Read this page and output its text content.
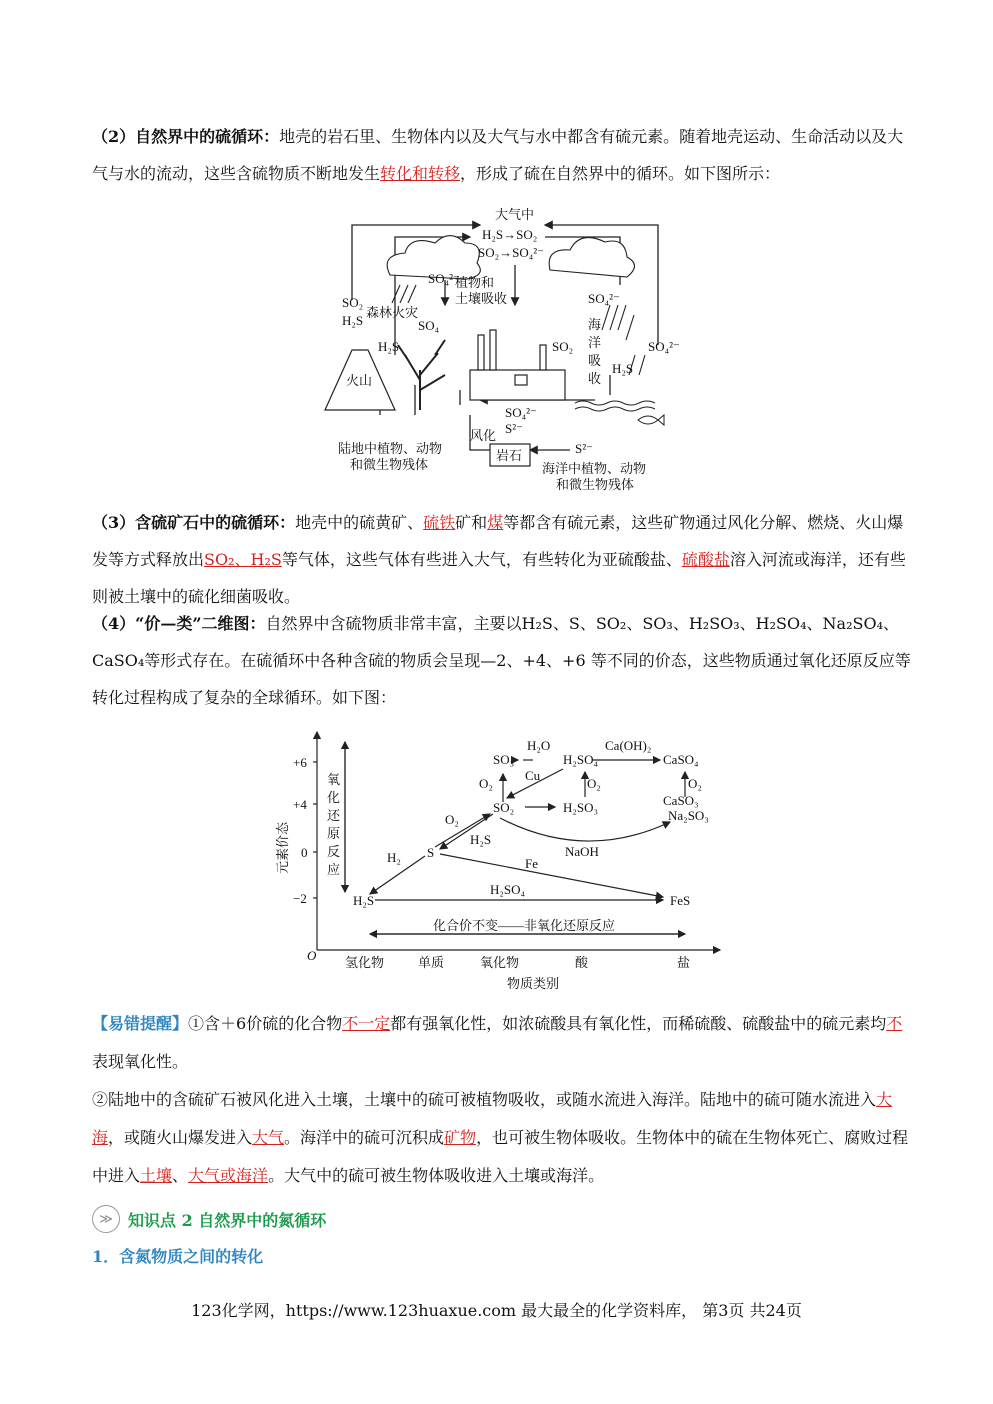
（2）自然界中的硫循环：地壳的岩石里、生物体内以及大气与水中都含有硫元素。随着地壳运动、生命活动以及大气与水的流动，这些含硫物质不断地发生转化和转移，形成了硫在自然界中的循环。如下图所示：
大气中
H₂S→SO₂
SO₂→SO₄²⁻
SO₄²⁻
植物和
土壤吸收
SO₂
H₂S
森林火灾
SO₄
H₂S
火山
SO₂
SO₄²⁻
海
洋
吸
收
SO₄²⁻
H₂S
SO₄²⁻
S²⁻
风化
S²⁻
岩石
陆地中植物、动物
和微生物残体	海洋中植物、动物
和微生物残体
（3）含硫矿石中的硫循环：地壳中的硫黄矿、硫铁矿和煤等都含有硫元素，这些矿物通过风化分解、燃烧、火山爆发等方式释放出SO₂、H₂S等气体，这些气体有些进入大气，有些转化为亚硫酸盐、硫酸盐溶入河流或海洋，还有些则被土壤中的硫化细菌吸收。
（4）“价—类”二维图：自然界中含硫物质非常丰富，主要以H₂S、S、SO₂、SO₃、H₂SO₃、H₂SO₄、Na₂SO₄、CaSO₄等形式存在。在硫循环中各种含硫的物质会呈现—2、+4、+6 等不同的价态，这些物质通过氧化还原反应等转化过程构成了复杂的全球循环。如下图：
元素价态
+6
+4
0
−2
O 氢化物	单质	氧化物	酸	盐
物质类别
氧
化
还
原
反
应
化合价不变——非氧化还原反应
SO₃	H₂SO₄	CaSO₄
SO₂	H₂SO₃	CaSO₃
Na₂SO₃
S
H₂S	FeS
H₂O	Ca(OH)₂
O₂
Cu
O₂	O₂
O₂
H₂S
NaOH
H₂	Fe
H₂SO₄
【易错提醒】①含＋6价硫的化合物不一定都有强氧化性，如浓硫酸具有氧化性，而稀硫酸、硫酸盐中的硫元素均不表现氧化性。
②陆地中的含硫矿石被风化进入土壤，土壤中的硫可被植物吸收，或随水流进入海洋。陆地中的硫可随水流进入大海，或随火山爆发进入大气。海洋中的硫可沉积成矿物，也可被生物体吸收。生物体中的硫在生物体死亡、腐败过程中进入土壤、大气或海洋。大气中的硫可被生物体吸收进入土壤或海洋。
≫ 知识点 2 自然界中的氮循环
1．含氮物质之间的转化
123化学网，https://www.123huaxue.com 最大最全的化学资料库， 第3页 共24页
